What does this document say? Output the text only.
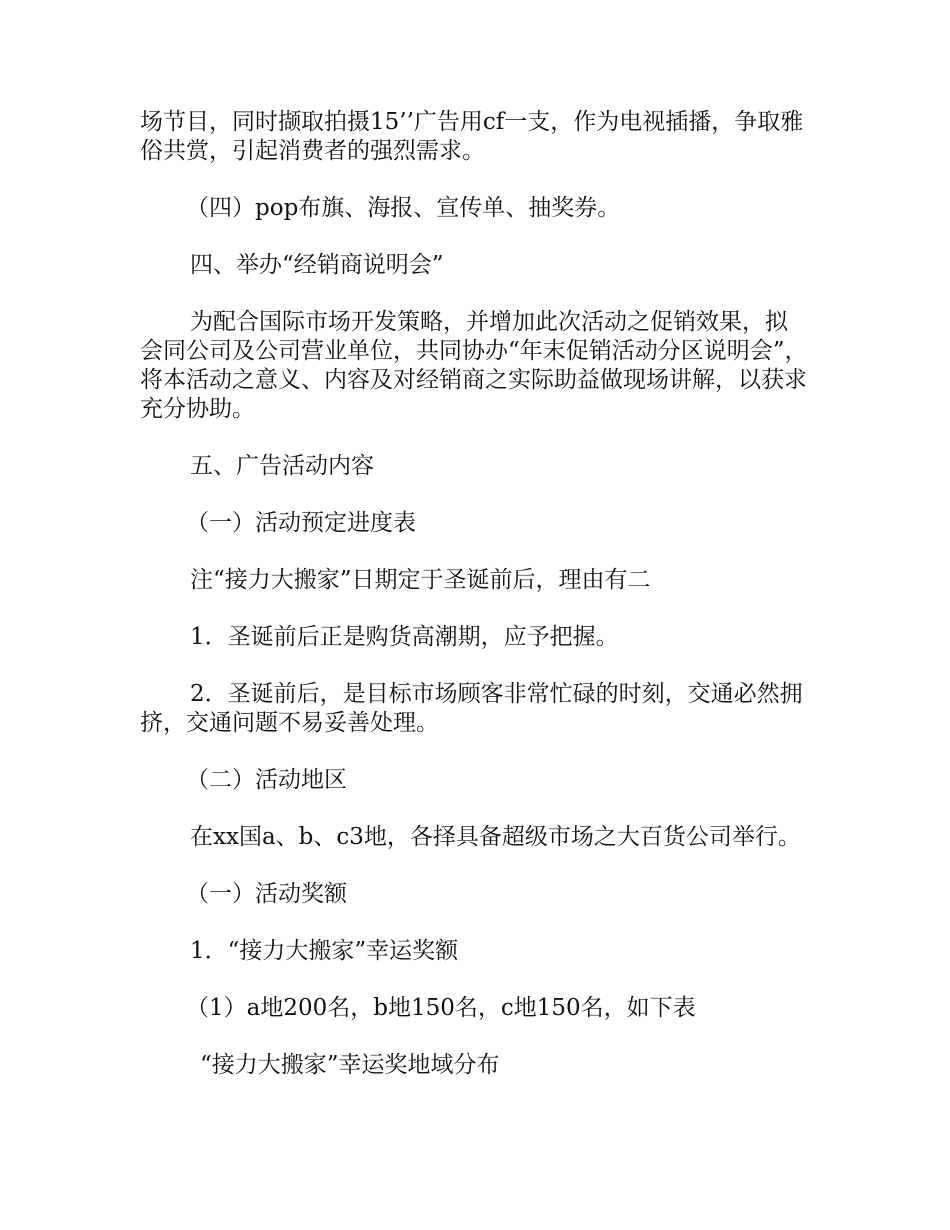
场节目，同时撷取拍摄15’’广告用cf一支，作为电视插播，争取雅俗共赏，引起消费者的强烈需求。

（四）pop布旗、海报、宣传单、抽奖券。

四、举办“经销商说明会”

为配合国际市场开发策略，并增加此次活动之促销效果，拟会同公司及公司营业单位，共同协办“年末促销活动分区说明会”，将本活动之意义、内容及对经销商之实际助益做现场讲解，以获求充分协助。

五、广告活动内容

（一）活动预定进度表

注“接力大搬家”日期定于圣诞前后，理由有二

1．圣诞前后正是购货高潮期，应予把握。

2．圣诞前后，是目标市场顾客非常忙碌的时刻，交通必然拥挤，交通问题不易妥善处理。

（二）活动地区

在xx国a、b、c3地，各择具备超级市场之大百货公司举行。

（一）活动奖额

1．“接力大搬家”幸运奖额

（1）a地200名，b地150名，c地150名，如下表

“接力大搬家”幸运奖地域分布
